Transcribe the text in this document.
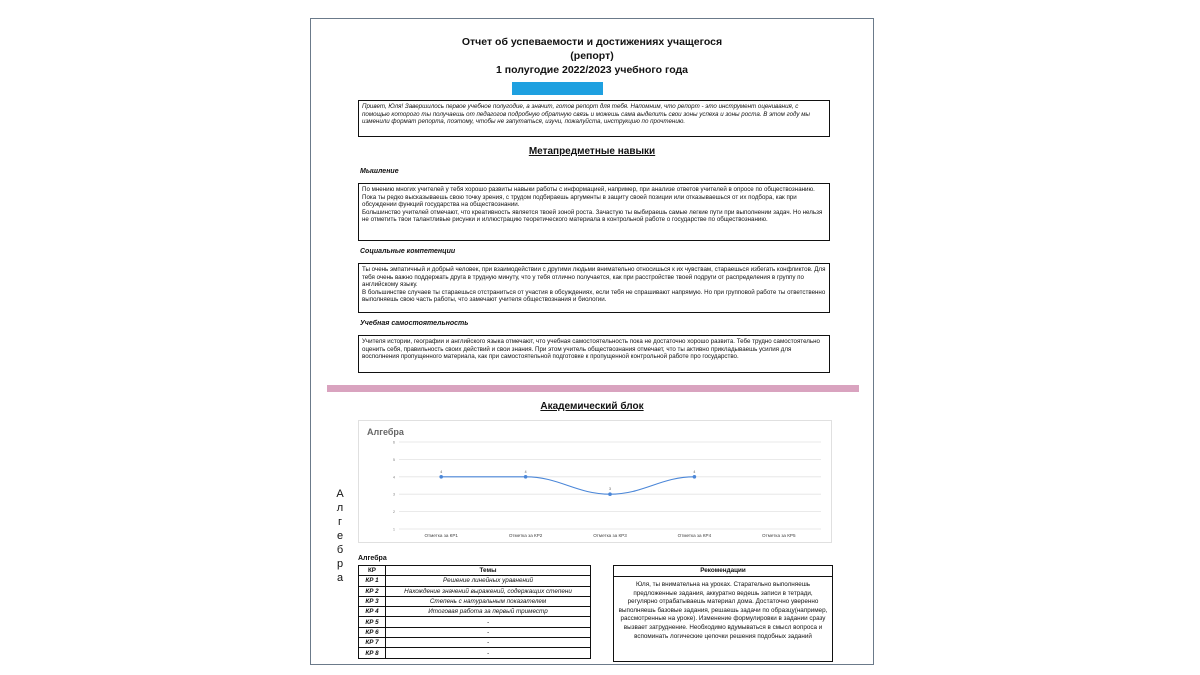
Отчет об успеваемости и достижениях учащегося
(репорт)
1 полугодие 2022/2023 учебного года

Привет, Юля! Завершилось первое учебное полугодие, а значит, готов репорт для тебя. Напомним, что репорт - это инструмент оценивания, с помощью которого ты получаешь от педагогов подробную обратную связь и можешь сама выделить свои зоны успеха и зоны роста. В этом году мы изменили формат репорта, поэтому, чтобы не запутаться, изучи, пожалуйста, инструкцию по прочтению.

Метапредметные навыки
Мышление

По мнению многих учителей у тебя хорошо развиты навыки работы с информацией, например, при анализе ответов учителей в опросе по обществознанию. Пока ты редко высказываешь свою точку зрения, с трудом подбираешь аргументы в защиту своей позиции или отказываешься от их подбора, как при обсуждении функций государства на обществознании.

Большинство учителей отмечают, что креативность является твоей зоной роста. Зачастую ты выбираешь самые легкие пути при выполнении задач. Но нельзя не отметить твои талантливые рисунки и иллюстрацию теоретического материала в контрольной работе о государстве по обществознанию.

Социальные компетенции

Ты очень эмпатичный и добрый человек, при взаимодействии с другими людьми внимательно относишься к их чувствам, стараешься избегать конфликтов. Для тебя очень важно поддержать друга в трудную минуту, что у тебя отлично получается, как при расстройстве твоей подруги от распределения в группу по английскому языку.

В большинстве случаев ты стараешься отстраниться от участия в обсуждениях, если тебя не спрашивают напрямую. Но при групповой работе ты ответственно выполняешь свою часть работы, что замечают учителя обществознания и биологии.

Учебная самостоятельность

Учителя истории, географии и английского языка отмечают, что учебная самостоятельность пока не достаточно хорошо развита. Тебе трудно самостоятельно оценить себя, правильность своих действий и свои знания. При этом учитель обществознания отмечает, что ты активно прикладываешь усилия для восполнения пропущенного материала, как при самостоятельной подготовке к пропущенной контрольной работе про государство.

Академический блок
Алгебра
1
2
3
4
5
6
Отметка за КР1	Отметка за КР2	Отметка за КР3	Отметка за КР4	Отметка за КР5
4	4
3
4
А
л
г
е
б
р
а
Алгебра
КР	Темы
КР 1	Решение линейных уравнений
КР 2	Нахождение значений выражений, содержащих степени
КР 3	Степень с натуральным показателем
КР 4	Итоговая работа за первый триместр
КР 5	-
КР 6	-
КР 7	-
КР 8	-
Рекомендации
Юля, ты внимательна на уроках. Старательно выполняешь предложенные задания, аккуратно ведешь записи в тетради, регулярно отрабатываешь материал дома. Достаточно уверенно выполняешь базовые задания, решаешь задачи по образцу(например, рассмотренные на уроке). Изменение формулировки в задании сразу вызвает затруднение. Необходимо вдумываться в смысл вопроса и вспоминать логические цепочки решения подобных заданий
